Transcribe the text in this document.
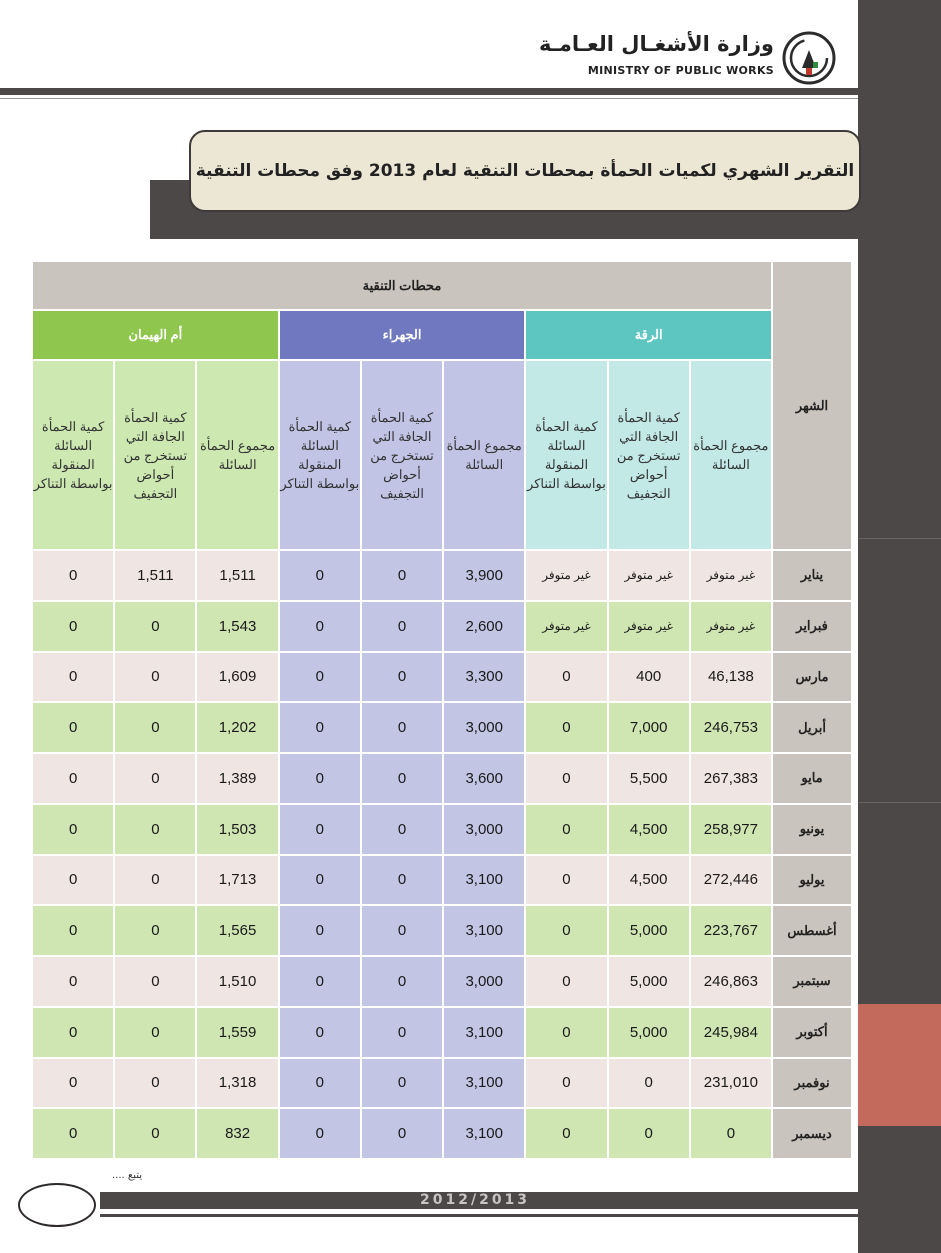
وزارة الأشغـال العـامـة
MINISTRY OF PUBLIC WORKS
التقرير الشهري لكميات الحمأة بمحطات التنقية لعام 2013 وفق محطات التنقية
الشهر	محطات التنقية								
	الرقة			الجهراء			أم الهيمان		
	مجموع الحمأة السائلة	كمية الحمأة الجافة التي تستخرج من أحواض التجفيف	كمية الحمأة السائلة المنقولة بواسطة التناكر	مجموع الحمأة السائلة	كمية الحمأة الجافة التي تستخرج من أحواض التجفيف	كمية الحمأة السائلة المنقولة بواسطة التناكر	مجموع الحمأة السائلة	كمية الحمأة الجافة التي تستخرج من أحواض التجفيف	كمية الحمأة السائلة المنقولة بواسطة التناكر
يناير	غير متوفر	غير متوفر	غير متوفر	3,900	0	0	1,511	1,511	0
فبراير	غير متوفر	غير متوفر	غير متوفر	2,600	0	0	1,543	0	0
مارس	46,138	400	0	3,300	0	0	1,609	0	0
أبريل	246,753	7,000	0	3,000	0	0	1,202	0	0
مايو	267,383	5,500	0	3,600	0	0	1,389	0	0
يونيو	258,977	4,500	0	3,000	0	0	1,503	0	0
يوليو	272,446	4,500	0	3,100	0	0	1,713	0	0
أغسطس	223,767	5,000	0	3,100	0	0	1,565	0	0
سبتمبر	246,863	5,000	0	3,000	0	0	1,510	0	0
أكتوبر	245,984	5,000	0	3,100	0	0	1,559	0	0
نوفمبر	231,010	0	0	3,100	0	0	1,318	0	0
ديسمبر	0	0	0	3,100	0	0	832	0	0
يتبع ....
2012/2013
